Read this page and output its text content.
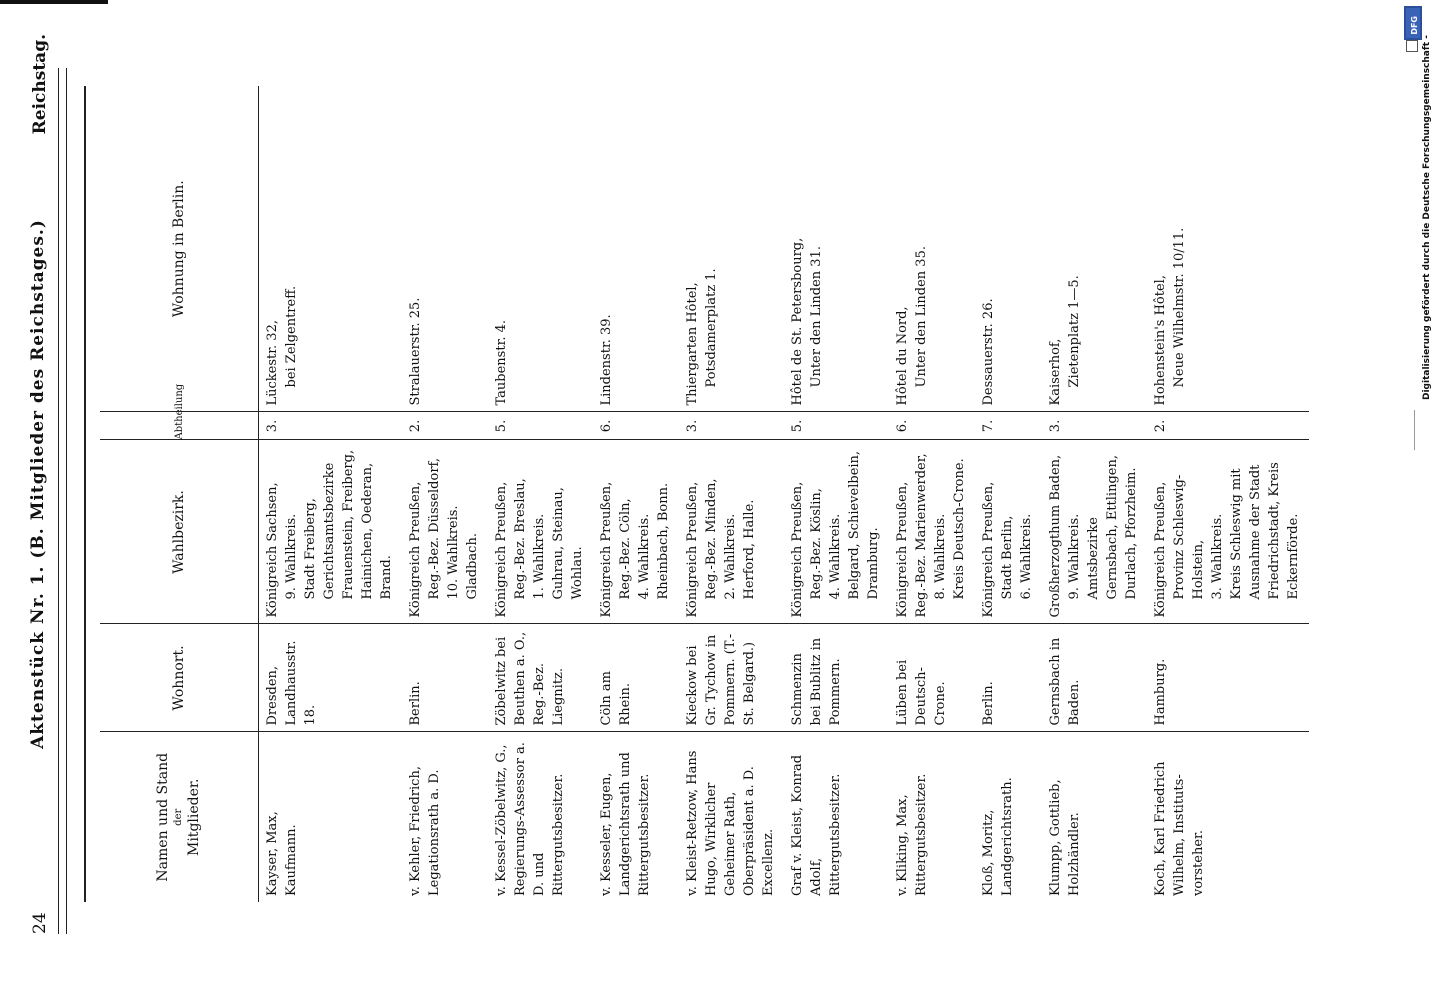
24
Aktenstück Nr. 1. (B. Mitglieder des Reichstages.)
Reichstag.
Namen und Stand der Mitglieder.	Wohnort.	Wahlbezirk.	Abtheilung	Wohnung in Berlin.
Kayser, Max, Kaufmann.	Dresden, Landhausstr. 18.	Königreich Sachsen, 9. Wahlkreis. Stadt Freiberg, Gerichtsamtsbezirke Frauenstein, Freiberg, Hainichen, Oederan, Brand.	3.	Lückestr. 32, bei Zelgentreff.

v. Kehler, Friedrich, Legationsrath a. D.	Berlin.	Königreich Preußen, Reg.-Bez. Düsseldorf, 10. Wahlkreis. Gladbach.	2.	Stralauerstr. 25.

v. Kessel-Zöbelwitz, G., Regierungs-Assessor a. D. und Rittergutsbesitzer.	Zöbelwitz bei Beuthen a. O., Reg.-Bez. Liegnitz.	Königreich Preußen, Reg.-Bez. Breslau, 1. Wahlkreis. Guhrau, Steinau, Wohlau.	5.	Taubenstr. 4.

v. Kesseler, Eugen, Landgerichtsrath und Rittergutsbesitzer.	Cöln am Rhein.	Königreich Preußen, Reg.-Bez. Cöln, 4. Wahlkreis. Rheinbach, Bonn.	6.	Lindenstr. 39.

v. Kleist-Retzow, Hans Hugo, Wirklicher Geheimer Rath, Oberpräsident a. D. Excellenz.	Kieckow bei Gr. Tychow in Pommern. (T.-St. Belgard.)	Königreich Preußen, Reg.-Bez. Minden, 2. Wahlkreis. Herford, Halle.	3.	Thiergarten Hôtel, Potsdamerplatz 1.

Graf v. Kleist, Konrad Adolf, Rittergutsbesitzer.	Schmenzin bei Bublitz in Pommern.	Königreich Preußen, Reg.-Bez. Köslin, 4. Wahlkreis. Belgard, Schievelbein, Dramburg.	5.	Hôtel de St. Petersbourg, Unter den Linden 31.

v. Kliking, Max, Rittergutsbesitzer.	Lüben bei Deutsch-Crone.	Königreich Preußen, Reg.-Bez. Marienwerder, 8. Wahlkreis. Kreis Deutsch-Crone.	6.	Hôtel du Nord, Unter den Linden 35.

Kloß, Moritz, Landgerichtsrath.	Berlin.	Königreich Preußen, Stadt Berlin, 6. Wahlkreis.	7.	Dessauerstr. 26.

Klumpp, Gottlieb, Holzhändler.	Gernsbach in Baden.	Großherzogthum Baden, 9. Wahlkreis. Amtsbezirke Gernsbach, Ettlingen, Durlach, Pforzheim.	3.	Kaiserhof, Zietenplatz 1—5.

Koch, Karl Friedrich Wilhelm, Instituts-vorsteher.	Hamburg.	Königreich Preußen, Provinz Schleswig-Holstein, 3. Wahlkreis. Kreis Schleswig mit Ausnahme der Stadt Friedrichstadt, Kreis Eckernförde.	2.	Hohenstein's Hôtel, Neue Wilhelmstr. 10/11.
DFG
Digitalisierung gefördert durch die Deutsche Forschungsgemeinschaft -
